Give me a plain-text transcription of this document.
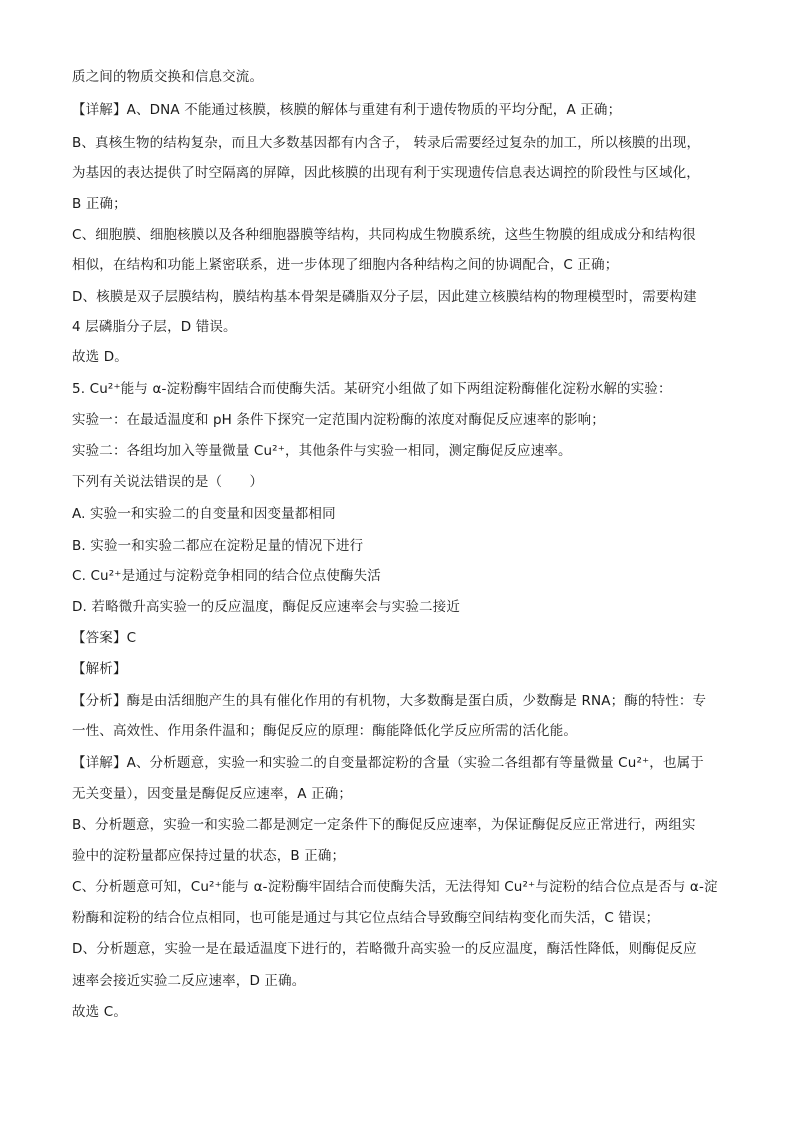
质之间的物质交换和信息交流。
【详解】A、DNA 不能通过核膜，核膜的解体与重建有利于遗传物质的平均分配，A 正确；
B、真核生物的结构复杂，而且大多数基因都有内含子， 转录后需要经过复杂的加工，所以核膜的出现，
为基因的表达提供了时空隔离的屏障，因此核膜的出现有利于实现遗传信息表达调控的阶段性与区域化，
B 正确；
C、细胞膜、细胞核膜以及各种细胞器膜等结构，共同构成生物膜系统，这些生物膜的组成成分和结构很
相似，在结构和功能上紧密联系，进一步体现了细胞内各种结构之间的协调配合，C 正确；
D、核膜是双子层膜结构，膜结构基本骨架是磷脂双分子层，因此建立核膜结构的物理模型时，需要构建
4 层磷脂分子层，D 错误。
故选 D。
5. Cu²⁺能与 α-淀粉酶牢固结合而使酶失活。某研究小组做了如下两组淀粉酶催化淀粉水解的实验：
实验一：在最适温度和 pH 条件下探究一定范围内淀粉酶的浓度对酶促反应速率的影响；
实验二：各组均加入等量微量 Cu²⁺，其他条件与实验一相同，测定酶促反应速率。
下列有关说法错误的是（　　）
A. 实验一和实验二的自变量和因变量都相同
B. 实验一和实验二都应在淀粉足量的情况下进行
C. Cu²⁺是通过与淀粉竞争相同的结合位点使酶失活
D. 若略微升高实验一的反应温度，酶促反应速率会与实验二接近
【答案】C
【解析】
【分析】酶是由活细胞产生的具有催化作用的有机物，大多数酶是蛋白质，少数酶是 RNA；酶的特性：专
一性、高效性、作用条件温和；酶促反应的原理：酶能降低化学反应所需的活化能。
【详解】A、分析题意，实验一和实验二的自变量都淀粉的含量（实验二各组都有等量微量 Cu²⁺，也属于
无关变量），因变量是酶促反应速率，A 正确；
B、分析题意，实验一和实验二都是测定一定条件下的酶促反应速率，为保证酶促反应正常进行，两组实
验中的淀粉量都应保持过量的状态，B 正确；
C、分析题意可知，Cu²⁺能与 α-淀粉酶牢固结合而使酶失活，无法得知 Cu²⁺与淀粉的结合位点是否与 α-淀
粉酶和淀粉的结合位点相同，也可能是通过与其它位点结合导致酶空间结构变化而失活，C 错误；
D、分析题意，实验一是在最适温度下进行的，若略微升高实验一的反应温度，酶活性降低，则酶促反应
速率会接近实验二反应速率，D 正确。
故选 C。
